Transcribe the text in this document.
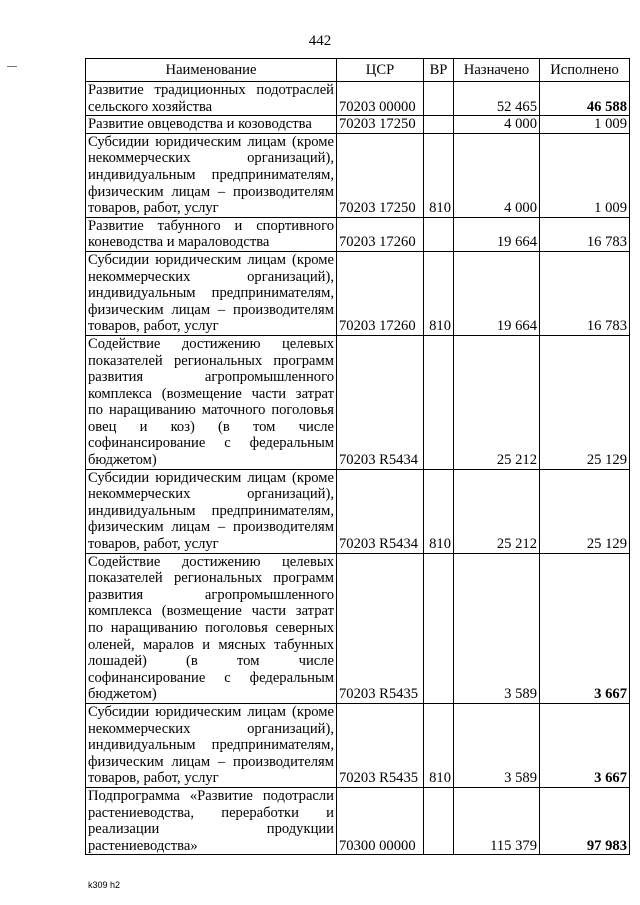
442
Наименование	ЦСР	ВР	Назначено	Исполнено
Развитие традиционных подотраслей сельского хозяйства	70203 00000		52 465	46 588
Развитие овцеводства и козоводства	70203 17250		4 000	1 009
Субсидии юридическим лицам (кроме некоммерческих организаций), индивидуальным предпринимателям, физическим лицам – производителям товаров, работ, услуг	70203 17250	810	4 000	1 009
Развитие табунного и спортивного коневодства и мараловодства	70203 17260		19 664	16 783
Субсидии юридическим лицам (кроме некоммерческих организаций), индивидуальным предпринимателям, физическим лицам – производителям товаров, работ, услуг	70203 17260	810	19 664	16 783
Содействие достижению целевых показателей региональных программ развития агропромышленного комплекса (возмещение части затрат по наращиванию маточного поголовья овец и коз) (в том числе софинансирование с федеральным бюджетом)	70203 R5434		25 212	25 129
Субсидии юридическим лицам (кроме некоммерческих организаций), индивидуальным предпринимателям, физическим лицам – производителям товаров, работ, услуг	70203 R5434	810	25 212	25 129
Содействие достижению целевых показателей региональных программ развития агропромышленного комплекса (возмещение части затрат по наращиванию поголовья северных оленей, маралов и мясных табунных лошадей) (в том числе софинансирование с федеральным бюджетом)	70203 R5435		3 589	3 667
Субсидии юридическим лицам (кроме некоммерческих организаций), индивидуальным предпринимателям, физическим лицам – производителям товаров, работ, услуг	70203 R5435	810	3 589	3 667
Подпрограмма «Развитие подотрасли растениеводства, переработки и реализации продукции растениеводства»	70300 00000		115 379	97 983
k309 h2
